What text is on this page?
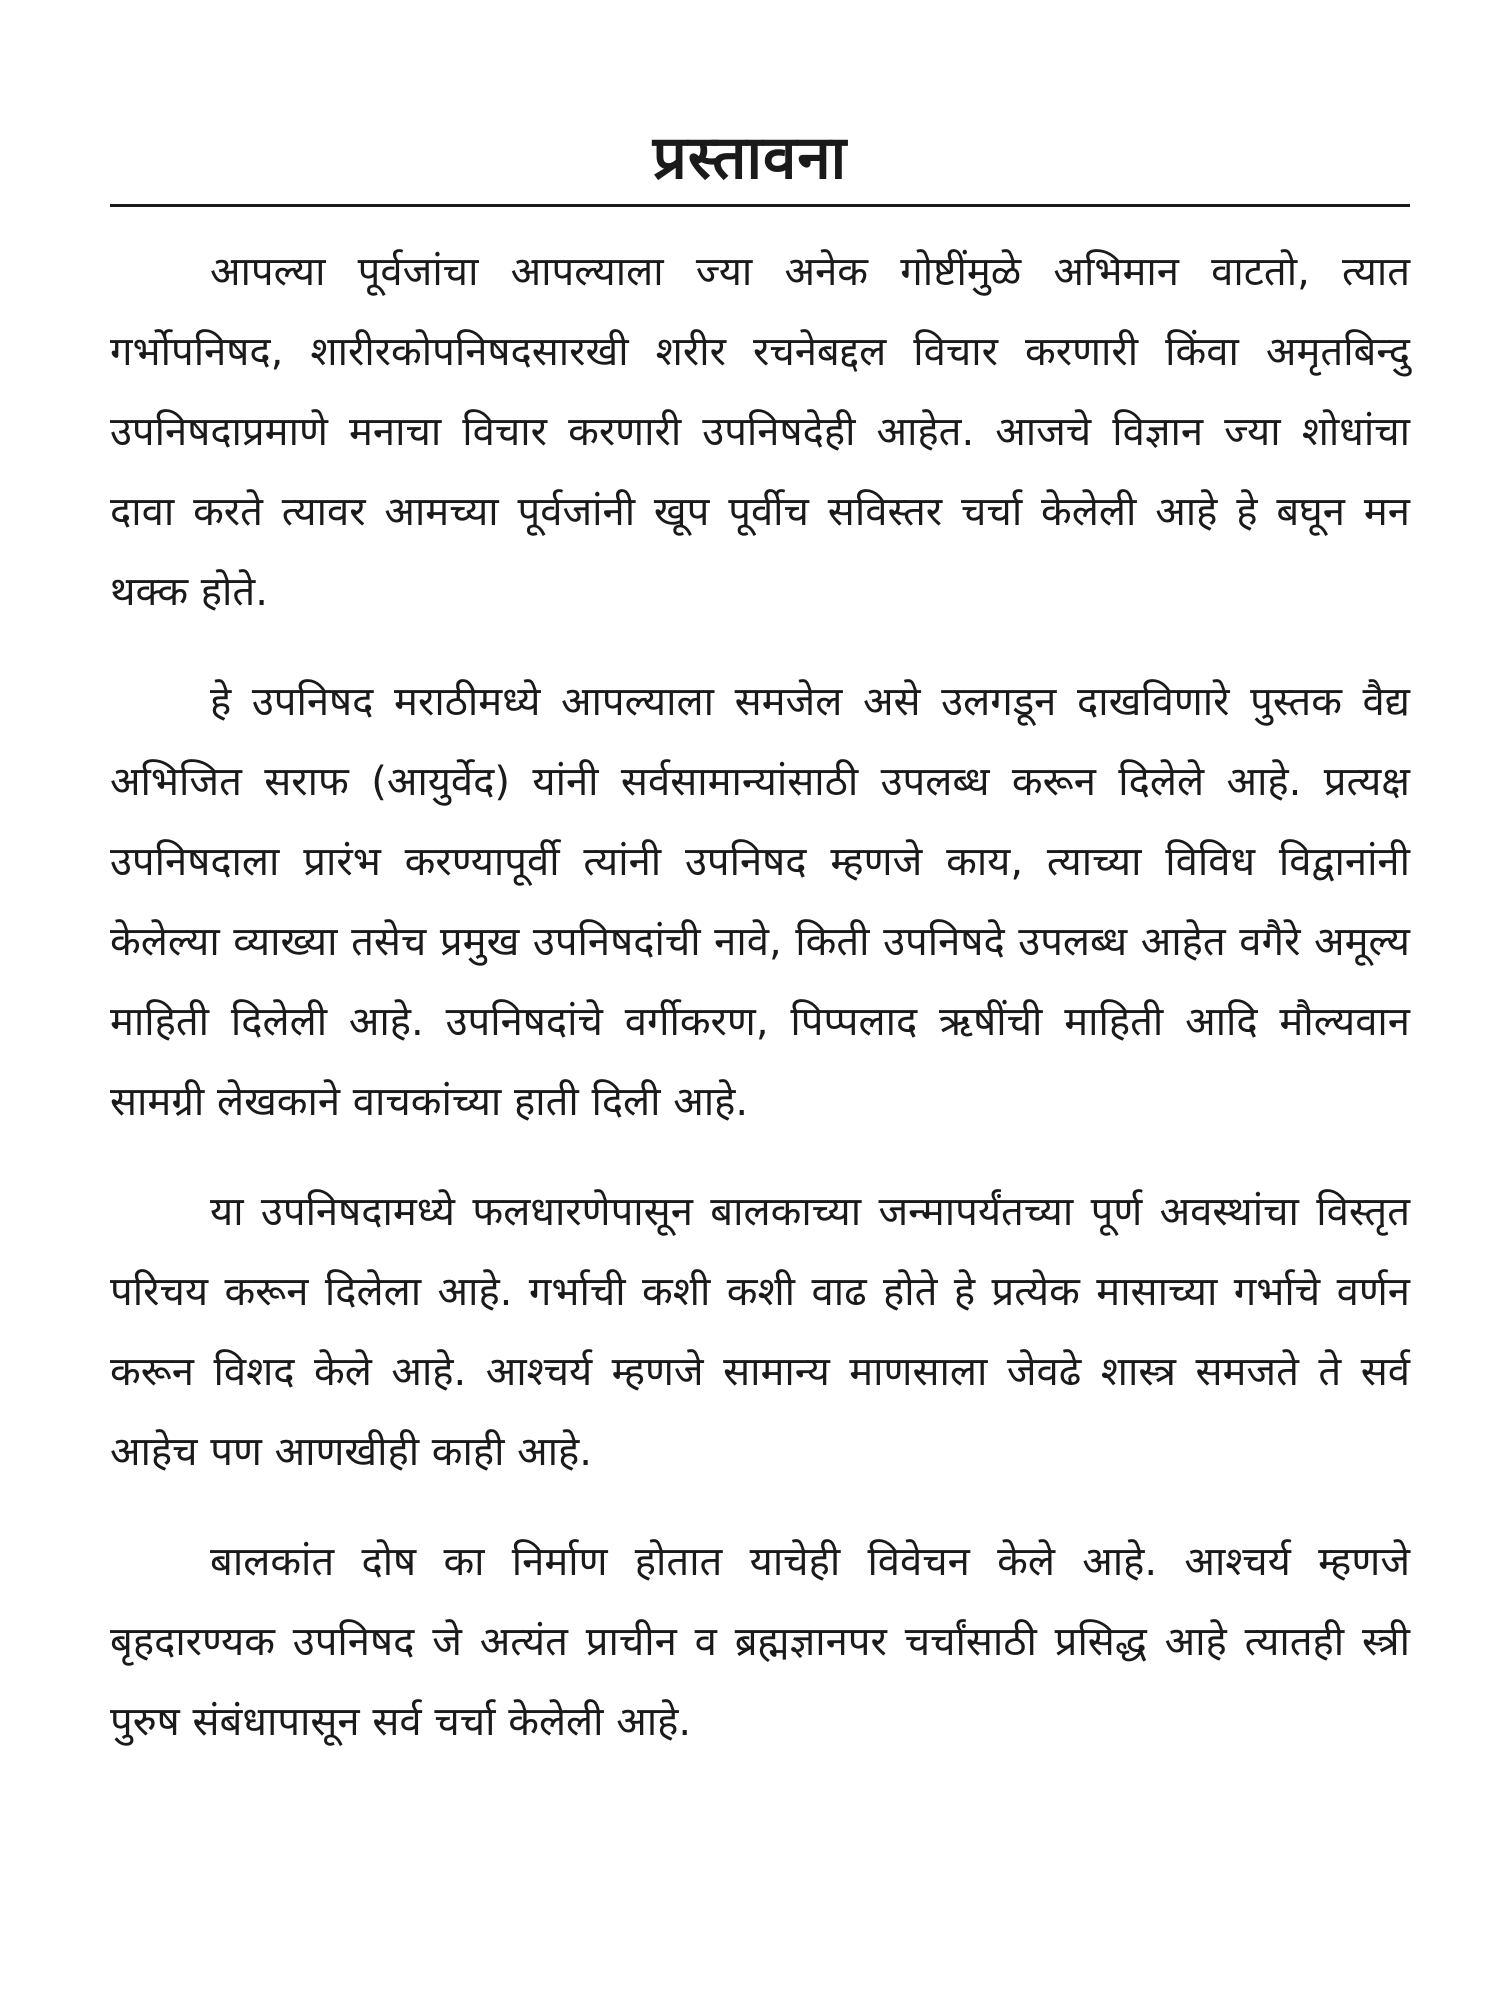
प्रस्तावना

आपल्या पूर्वजांचा आपल्याला ज्या अनेक गोष्टींमुळे अभिमान वाटतो, त्यात गर्भोपनिषद, शारीरकोपनिषदसारखी शरीर रचनेबद्दल विचार करणारी किंवा अमृतबिन्दु उपनिषदाप्रमाणे मनाचा विचार करणारी उपनिषदेही आहेत. आजचे विज्ञान ज्या शोधांचा दावा करते त्यावर आमच्या पूर्वजांनी खूप पूर्वीच सविस्तर चर्चा केलेली आहे हे बघून मन थक्क होते.

हे उपनिषद मराठीमध्ये आपल्याला समजेल असे उलगडून दाखविणारे पुस्तक वैद्य अभिजित सराफ (आयुर्वेद) यांनी सर्वसामान्यांसाठी उपलब्ध करून दिलेले आहे. प्रत्यक्ष उपनिषदाला प्रारंभ करण्यापूर्वी त्यांनी उपनिषद म्हणजे काय, त्याच्या विविध विद्वानांनी केलेल्या व्याख्या तसेच प्रमुख उपनिषदांची नावे, किती उपनिषदे उपलब्ध आहेत वगैरे अमूल्य माहिती दिलेली आहे. उपनिषदांचे वर्गीकरण, पिप्पलाद ऋषींची माहिती आदि मौल्यवान सामग्री लेखकाने वाचकांच्या हाती दिली आहे.

या उपनिषदामध्ये फलधारणेपासून बालकाच्या जन्मापर्यंतच्या पूर्ण अवस्थांचा विस्तृत परिचय करून दिलेला आहे. गर्भाची कशी कशी वाढ होते हे प्रत्येक मासाच्या गर्भाचे वर्णन करून विशद केले आहे. आश्चर्य म्हणजे सामान्य माणसाला जेवढे शास्त्र समजते ते सर्व आहेच पण आणखीही काही आहे.

बालकांत दोष का निर्माण होतात याचेही विवेचन केले आहे. आश्चर्य म्हणजे बृहदारण्यक उपनिषद जे अत्यंत प्राचीन व ब्रह्मज्ञानपर चर्चांसाठी प्रसिद्ध आहे त्यातही स्त्री पुरुष संबंधापासून सर्व चर्चा केलेली आहे.
